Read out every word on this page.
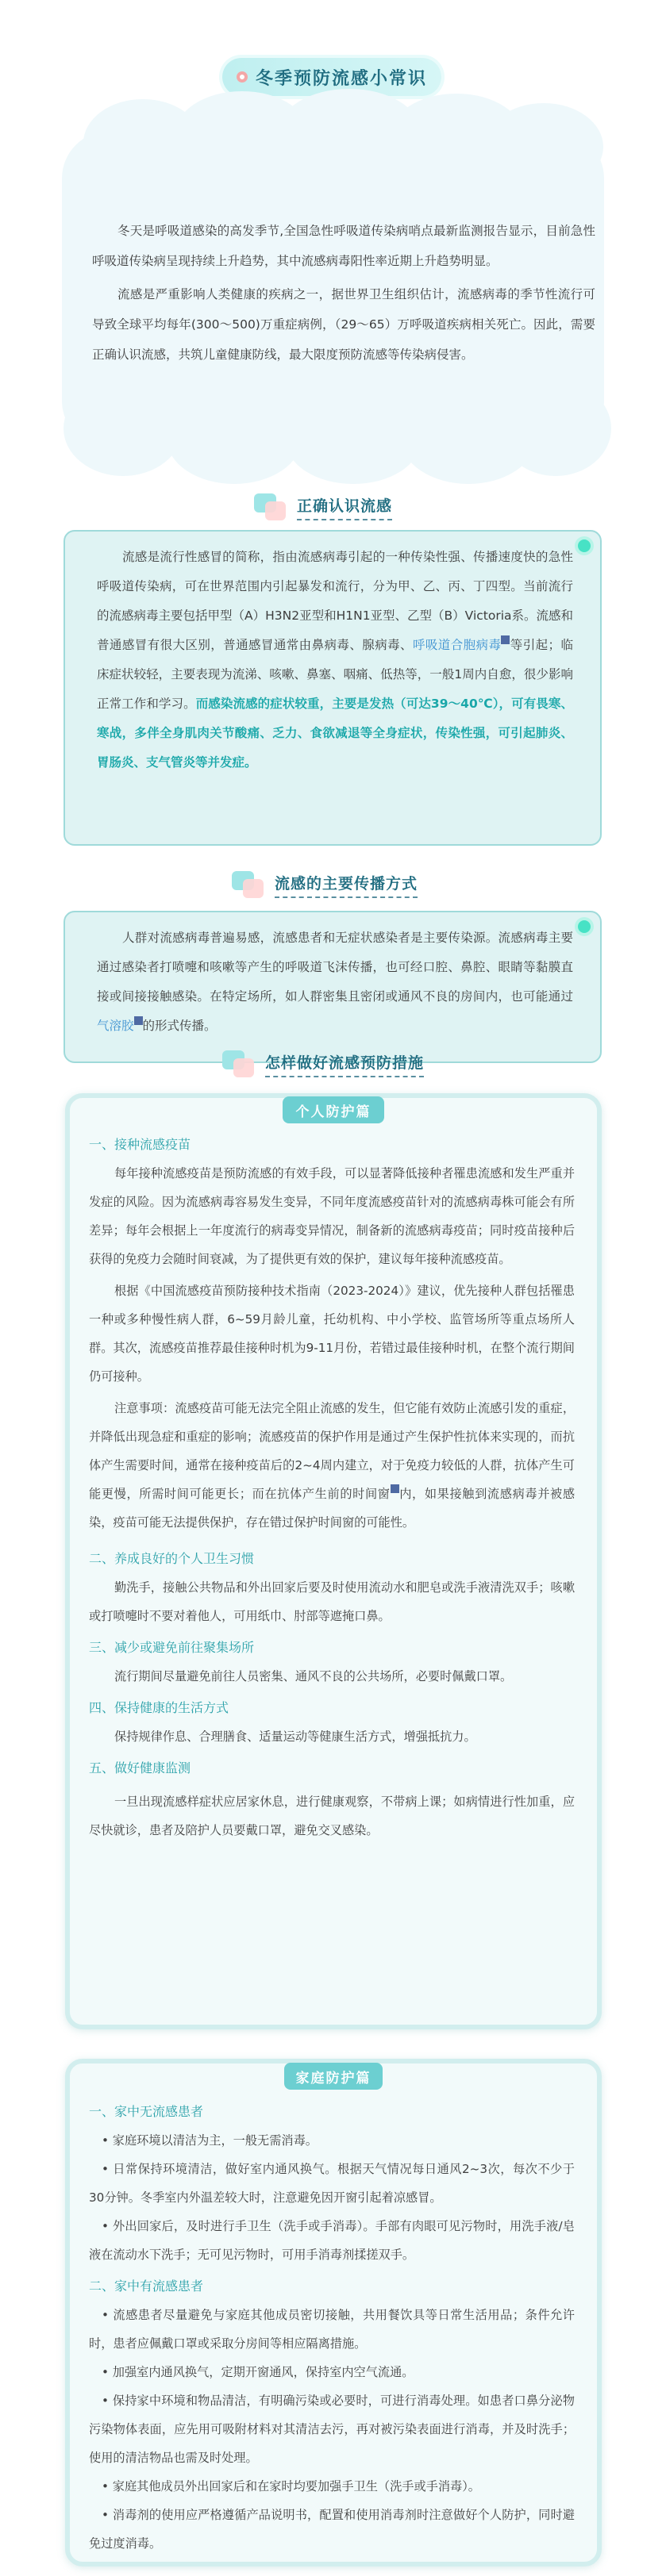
冬季预防流感小常识

冬天是呼吸道感染的高发季节,全国急性呼吸道传染病哨点最新监测报告显示，目前急性呼吸道传染病呈现持续上升趋势，其中流感病毒阳性率近期上升趋势明显。

流感是严重影响人类健康的疾病之一，据世界卫生组织估计，流感病毒的季节性流行可导致全球平均每年(300～500)万重症病例，（29～65）万呼吸道疾病相关死亡。因此，需要正确认识流感，共筑儿童健康防线，最大限度预防流感等传染病侵害。

正确认识流感

流感是流行性感冒的简称，指由流感病毒引起的一种传染性强、传播速度快的急性呼吸道传染病，可在世界范围内引起暴发和流行，分为甲、乙、丙、丁四型。当前流行的流感病毒主要包括甲型（A）H3N2亚型和H1N1亚型、乙型（B）Victoria系。流感和普通感冒有很大区别，普通感冒通常由鼻病毒、腺病毒、呼吸道合胞病毒 等引起；临床症状较轻，主要表现为流涕、咳嗽、鼻塞、咽痛、低热等，一般1周内自愈，很少影响正常工作和学习。而感染流感的症状较重，主要是发热（可达39～40℃），可有畏寒、寒战，多伴全身肌肉关节酸痛、乏力、食欲减退等全身症状，传染性强，可引起肺炎、胃肠炎、支气管炎等并发症。

流感的主要传播方式

人群对流感病毒普遍易感，流感患者和无症状感染者是主要传染源。流感病毒主要通过感染者打喷嚏和咳嗽等产生的呼吸道飞沫传播，也可经口腔、鼻腔、眼睛等黏膜直接或间接接触感染。在特定场所，如人群密集且密闭或通风不良的房间内，也可能通过气溶胶 的形式传播。

怎样做好流感预防措施
个人防护篇

一、接种流感疫苗

每年接种流感疫苗是预防流感的有效手段，可以显著降低接种者罹患流感和发生严重并发症的风险。因为流感病毒容易发生变异，不同年度流感疫苗针对的流感病毒株可能会有所差异；每年会根据上一年度流行的病毒变异情况，制备新的流感病毒疫苗；同时疫苗接种后获得的免疫力会随时间衰减，为了提供更有效的保护，建议每年接种流感疫苗。

根据《中国流感疫苗预防接种技术指南（2023-2024）》建议，优先接种人群包括罹患一种或多种慢性病人群，6~59月龄儿童，托幼机构、中小学校、监管场所等重点场所人群。其次，流感疫苗推荐最佳接种时机为9-11月份，若错过最佳接种时机，在整个流行期间仍可接种。

注意事项：流感疫苗可能无法完全阻止流感的发生，但它能有效防止流感引发的重症，并降低出现急症和重症的影响；流感疫苗的保护作用是通过产生保护性抗体来实现的，而抗体产生需要时间，通常在接种疫苗后的2~4周内建立，对于免疫力较低的人群，抗体产生可能更慢，所需时间可能更长；而在抗体产生前的时间窗 内，如果接触到流感病毒并被感染，疫苗可能无法提供保护，存在错过保护时间窗的可能性。

二、养成良好的个人卫生习惯

勤洗手，接触公共物品和外出回家后要及时使用流动水和肥皂或洗手液清洗双手；咳嗽或打喷嚏时不要对着他人，可用纸巾、肘部等遮掩口鼻。

三、减少或避免前往聚集场所

流行期间尽量避免前往人员密集、通风不良的公共场所，必要时佩戴口罩。

四、保持健康的生活方式

保持规律作息、合理膳食、适量运动等健康生活方式，增强抵抗力。

五、做好健康监测

一旦出现流感样症状应居家休息，进行健康观察，不带病上课；如病情进行性加重，应尽快就诊，患者及陪护人员要戴口罩，避免交叉感染。

家庭防护篇

一、家中无流感患者

• 家庭环境以清洁为主，一般无需消毒。

• 日常保持环境清洁，做好室内通风换气。根据天气情况每日通风2~3次，每次不少于30分钟。冬季室内外温差较大时，注意避免因开窗引起着凉感冒。

• 外出回家后，及时进行手卫生（洗手或手消毒）。手部有肉眼可见污物时，用洗手液/皂液在流动水下洗手；无可见污物时，可用手消毒剂揉搓双手。

二、家中有流感患者

• 流感患者尽量避免与家庭其他成员密切接触，共用餐饮具等日常生活用品；条件允许时，患者应佩戴口罩或采取分房间等相应隔离措施。

• 加强室内通风换气，定期开窗通风，保持室内空气流通。

• 保持家中环境和物品清洁，有明确污染或必要时，可进行消毒处理。如患者口鼻分泌物污染物体表面，应先用可吸附材料对其清洁去污，再对被污染表面进行消毒，并及时洗手；使用的清洁物品也需及时处理。

• 家庭其他成员外出回家后和在家时均要加强手卫生（洗手或手消毒）。

• 消毒剂的使用应严格遵循产品说明书，配置和使用消毒剂时注意做好个人防护，同时避免过度消毒。
